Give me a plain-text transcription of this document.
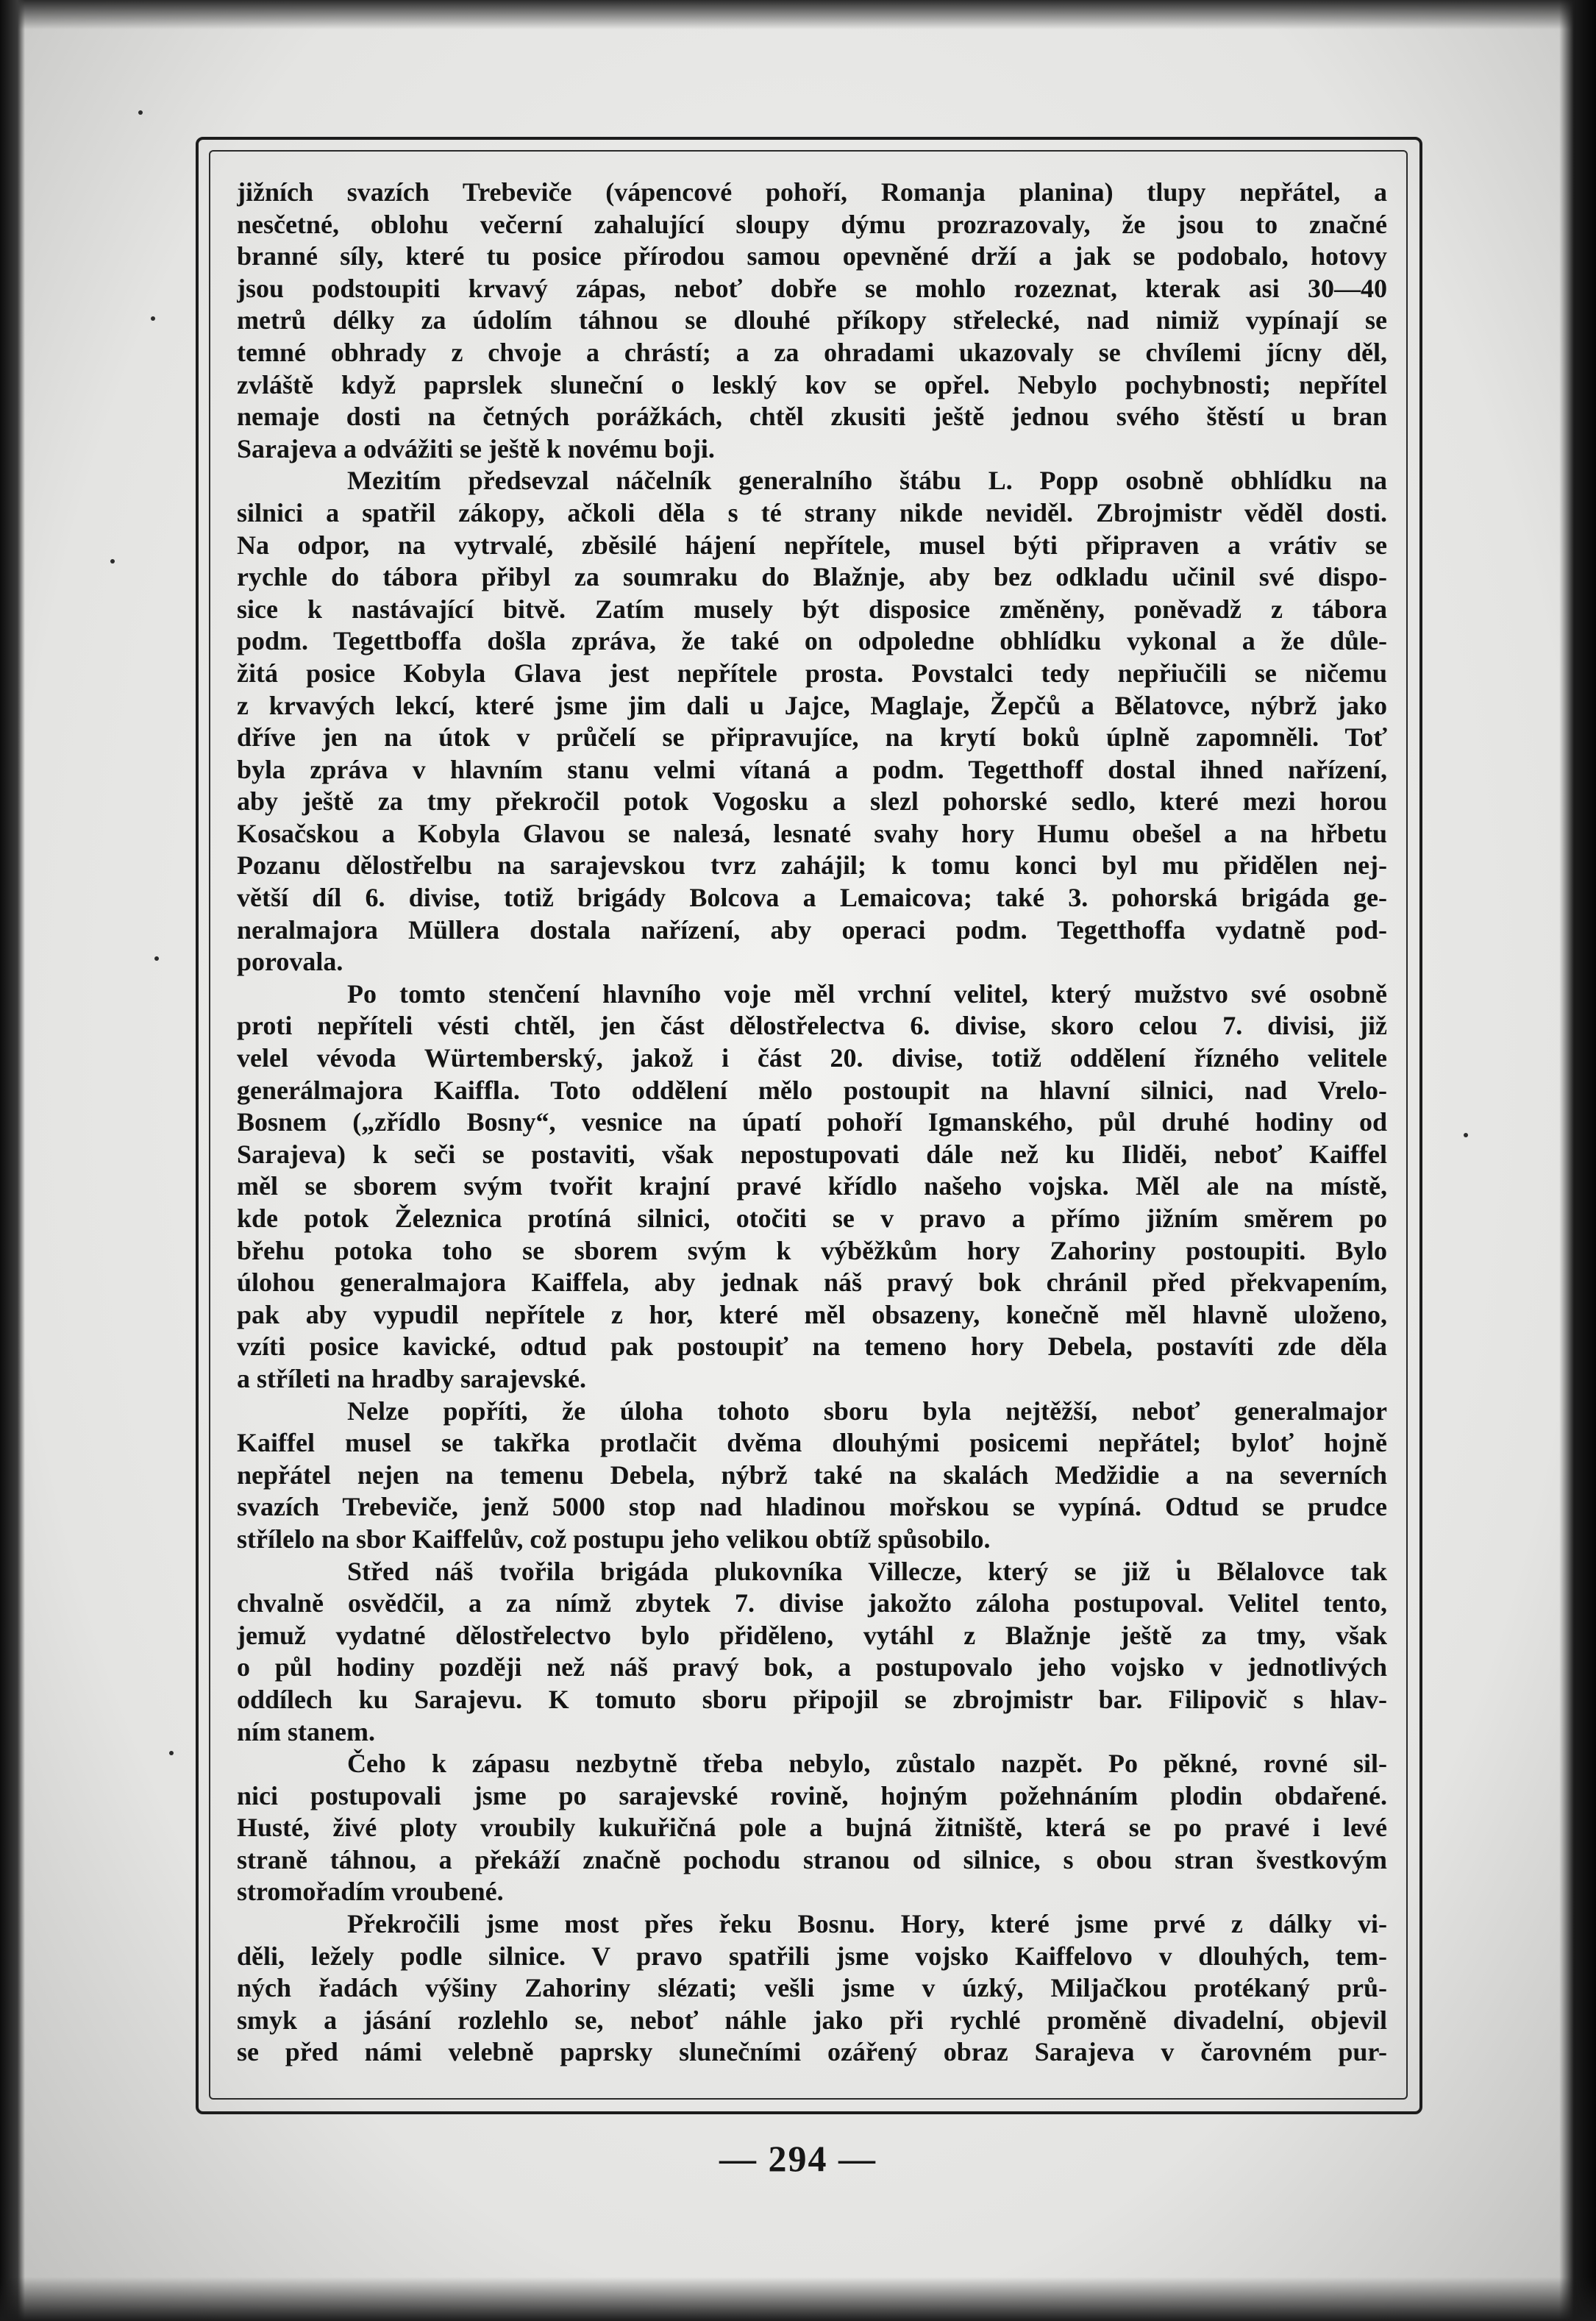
jižních svazích Trebeviče (vápencové pohoří, Romanja planina) tlupy nepřátel, a
nesčetné, oblohu večerní zahalující sloupy dýmu prozrazovaly, že jsou to značné
branné síly, které tu posice přírodou samou opevněné drží a jak se podobalo, hotovy
jsou podstoupiti krvavý zápas, neboť dobře se mohlo rozeznat, kterak asi 30—40
metrů délky za údolím táhnou se dlouhé příkopy střelecké, nad nimiž vypínají se
temné obhrady z chvoje a chrástí; a za ohradami ukazovaly se chvílemi jícny děl,
zvláště když paprslek sluneční o lesklý kov se opřel. Nebylo pochybnosti; nepřítel
nemaje dosti na četných porážkách, chtěl zkusiti ještě jednou svého štěstí u bran
Sarajeva a odvážiti se ještě k novému boji.
Mezitím předsevzal náčelník generalního štábu L. Popp osobně obhlídku na
silnici a spatřil zákopy, ačkoli děla s té strany nikde neviděl. Zbrojmistr věděl dosti.
Na odpor, na vytrvalé, zběsilé hájení nepřítele, musel býti připraven a vrátiv se
rychle do tábora přibyl za soumraku do Blažnje, aby bez odkladu učinil své dispo-
sice k nastávající bitvě. Zatím musely být disposice změněny, poněvadž z tábora
podm. Tegettboffa došla zpráva, že také on odpoledne obhlídku vykonal a že důle-
žitá posice Kobyla Glava jest nepřítele prosta. Povstalci tedy nepřiučili se ničemu
z krvavých lekcí, které jsme jim dali u Jajce, Maglaje, Žepčů a Bělatovce, nýbrž jako
dříve jen na útok v průčelí se připravujíce, na krytí boků úplně zapomněli. Toť
byla zpráva v hlavním stanu velmi vítaná a podm. Tegetthoff dostal ihned nařízení,
aby ještě za tmy překročil potok Vogosku a slezl pohorské sedlo, které mezi horou
Kosačskou a Kobyla Glavou se naleзá, lesnaté svahy hory Humu obešel a na hřbetu
Pozanu dělostřelbu na sarajevskou tvrz zahájil; k tomu konci byl mu přidělen nej-
větší díl 6. divise, totiž brigády Bolcova a Lemaicova; také 3. pohorská brigáda ge-
neralmajora Müllera dostala nařízení, aby operaci podm. Tegetthoffa vydatně pod-
porovala.
Po tomto stenčení hlavního voje měl vrchní velitel, který mužstvo své osobně
proti nepříteli vésti chtěl, jen část dělostřelectva 6. divise, skoro celou 7. divisi, již
velel vévoda Würtemberský, jakož i část 20. divise, totiž oddělení řízného velitele
generálmajora Kaiffla. Toto oddělení mělo postoupit na hlavní silnici, nad Vrelo-
Bosnem („zřídlo Bosny“, vesnice na úpatí pohoří Igmanského, půl druhé hodiny od
Sarajeva) k seči se postaviti, však nepostupovati dále než ku Iliděi, neboť Kaiffel
měl se sborem svým tvořit krajní pravé křídlo našeho vojska. Měl ale na místě,
kde potok Železnica protíná silnici, otočiti se v pravo a přímo jižním směrem po
břehu potoka toho se sborem svým k výběžkům hory Zahoriny postoupiti. Bylo
úlohou generalmajora Kaiffela, aby jednak náš pravý bok chránil před překvapením,
pak aby vypudil nepřítele z hor, které měl obsazeny, konečně měl hlavně uloženo,
vzíti posice kavické, odtud pak postoupiť na temeno hory Debela, postavíti zde děla
a stříleti na hradby sarajevské.
Nelze popříti, že úloha tohoto sboru byla nejtěžší, neboť generalmajor
Kaiffel musel se takřka protlačit dvěma dlouhými posicemi nepřátel; byloť hojně
nepřátel nejen na temenu Debela, nýbrž také na skalách Medžidie a na severních
svazích Trebeviče, jenž 5000 stop nad hladinou mořskou se vypíná. Odtud se prudce
střílelo na sbor Kaiffelův, což postupu jeho velikou obtíž spůsobilo.
Střed náš tvořila brigáda plukovníka Villecze, který se již u Bělalovce tak
chvalně osvědčil, a za nímž zbytek 7. divise jakožto záloha postupoval. Velitel tento,
jemuž vydatné dělostřelectvo bylo přiděleno, vytáhl z Blažnje ještě za tmy, však
o půl hodiny později než náš pravý bok, a postupovalo jeho vojsko v jednotlivých
oddílech ku Sarajevu. K tomuto sboru připojil se zbrojmistr bar. Filipovič s hlav-
ním stanem.
Čeho k zápasu nezbytně třeba nebylo, zůstalo nazpět. Po pěkné, rovné sil-
nici postupovali jsme po sarajevské rovině, hojným požehnáním plodin obdařené.
Husté, živé ploty vroubily kukuřičná pole a bujná žitniště, která se po pravé i levé
straně táhnou, a překáží značně pochodu stranou od silnice, s obou stran švestkovým
stromořadím vroubené.
Překročili jsme most přes řeku Bosnu. Hory, které jsme prvé z dálky vi-
děli, ležely podle silnice. V pravo spatřili jsme vojsko Kaiffelovo v dlouhých, tem-
ných řadách výšiny Zahoriny slézati; vešli jsme v úzký, Miljačkou protékaný prů-
smyk a jásání rozlehlo se, neboť náhle jako při rychlé proměně divadelní, objevil
se před námi velebně paprsky slunečními ozářený obraz Sarajeva v čarovném pur-
— 294 —
